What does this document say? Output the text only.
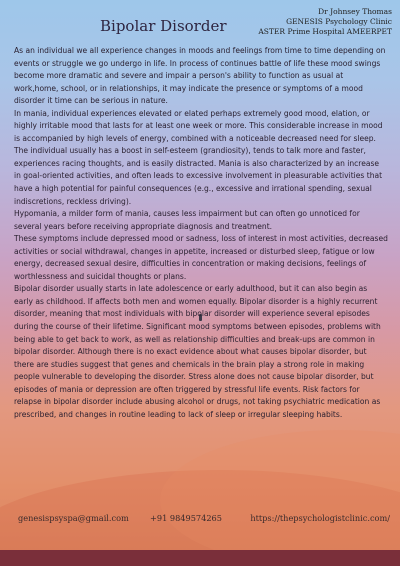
Bipolar Disorder
Dr Johnsey Thomas
GENESIS Psychology Clinic
ASTER Prime Hospital AMEERPET

As an individual we all experience changes in moods and feelings from time to time depending on events or struggle we go undergo in life. In process of continues battle of life these mood swings become more dramatic and severe and impair a person's ability to function as usual at work,home, school, or in relationships, it may indicate the presence or symptoms of a mood disorder it time can be serious in nature.

In mania, individual experiences elevated or elated perhaps extremely good mood, elation, or highly irritable mood that lasts for at least one week or more. This considerable increase in mood is accompanied by high levels of energy, combined with a noticeable decreased need for sleep.

The individual usually has a boost in self-esteem (grandiosity), tends to talk more and faster, experiences racing thoughts, and is easily distracted. Mania is also characterized by an increase in goal-oriented activities, and often leads to excessive involvement in pleasurable activities that have a high potential for painful consequences (e.g., excessive and irrational spending, sexual indiscretions, reckless driving).

Hypomania, a milder form of mania, causes less impairment but can often go unnoticed for several years before receiving appropriate diagnosis and treatment.

These symptoms include depressed mood or sadness, loss of interest in most activities, decreased activities or social withdrawal, changes in appetite, increased or disturbed sleep, fatigue or low energy, decreased sexual desire, difficulties in concentration or making decisions, feelings of worthlessness and suicidal thoughts or plans.

Bipolar disorder usually starts in late adolescence or early adulthood, but it can also begin as early as childhood. If affects both men and women equally. Bipolar disorder is a highly recurrent disorder, meaning that most individuals with bipolar disorder will experience several episodes during the course of their lifetime. Significant mood symptoms between episodes, problems with being able to get back to work, as well as relationship difficulties and break-ups are common in bipolar disorder. Although there is no exact evidence about what causes bipolar disorder, but there are studies suggest that genes and chemicals in the brain play a strong role in making people vulnerable to developing the disorder. Stress alone does not cause bipolar disorder, but episodes of mania or depression are often triggered by stressful life events. Risk factors for relapse in bipolar disorder include abusing alcohol or drugs, not taking psychiatric medication as prescribed, and changes in routine leading to lack of sleep or irregular sleeping habits.

genesispsyspa@gmail.com	+91 9849574265	https://thepsychologistclinic.com/
